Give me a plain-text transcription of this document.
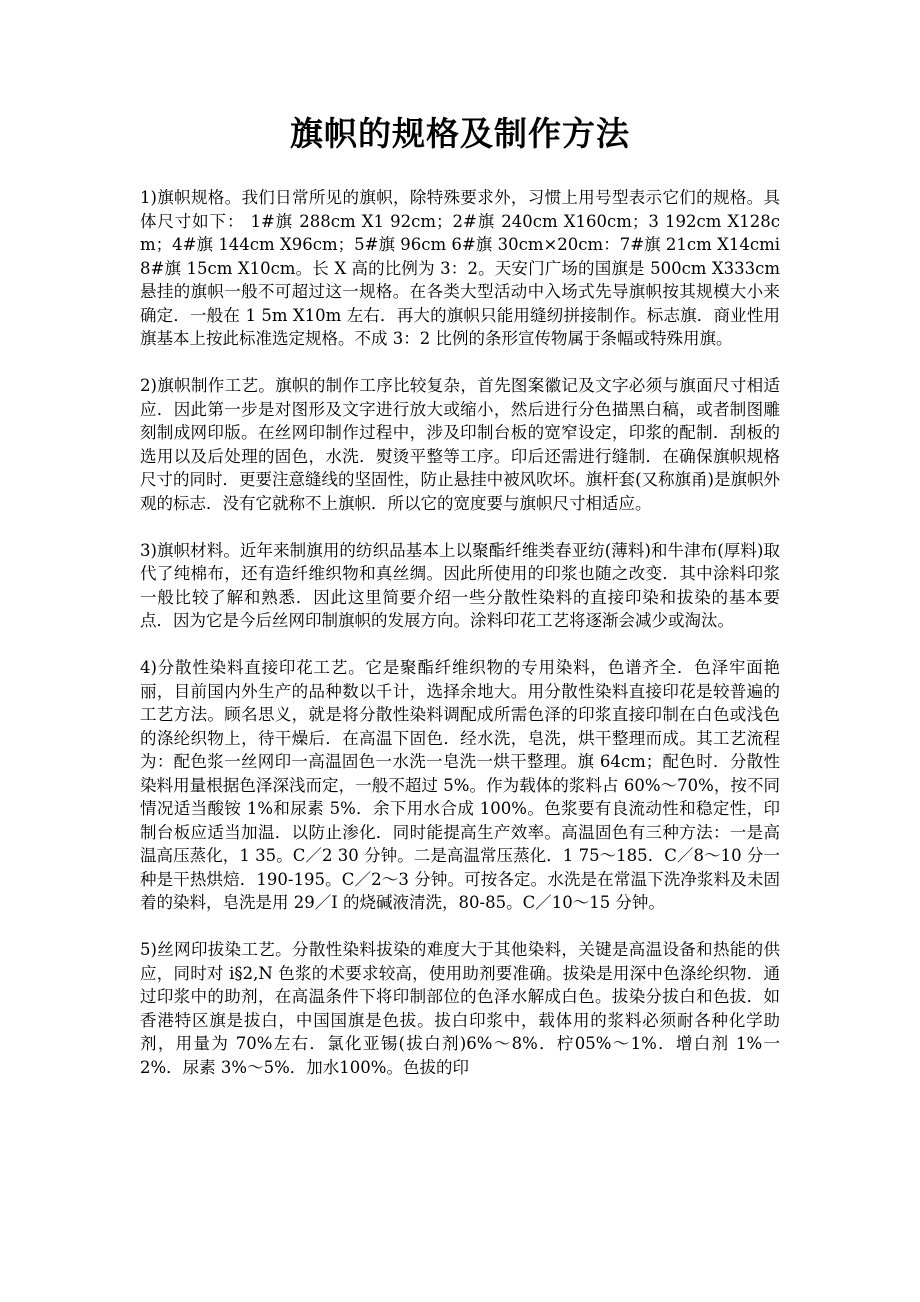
旗帜的规格及制作方法

1)旗帜规格。我们日常所见的旗帜，除特殊要求外，习惯上用号型表示它们的规格。具体尺寸如下： 1#旗 288cm X1 92cm；2#旗 240cm X160cm；3 192cm X128cm；4#旗 144cm X96cm；5#旗 96cm 6#旗 30cm×20cm：7#旗 21cm X14cmi 8#旗 15cm X10cm。长 X 高的比例为 3：2。天安门广场的国旗是 500cm X333cm 悬挂的旗帜一般不可超过这一规格。在各类大型活动中入场式先导旗帜按其规模大小来确定．一般在 1 5m X10m 左右．再大的旗帜只能用缝纫拼接制作。标志旗．商业性用旗基本上按此标准选定规格。不成 3：2 比例的条形宣传物属于条幅或特殊用旗。

2)旗帜制作工艺。旗帜的制作工序比较复杂，首先图案徽记及文字必须与旗面尺寸相适应．因此第一步是对图形及文字进行放大或缩小，然后进行分色描黑白稿，或者制图雕刻制成网印版。在丝网印制作过程中，涉及印制台板的宽窄设定，印浆的配制．刮板的选用以及后处理的固色，水洗．熨烫平整等工序。印后还需进行缝制．在确保旗帜规格尺寸的同时．更要注意缝线的坚固性，防止悬挂中被风吹坏。旗杆套(又称旗甬)是旗帜外观的标志．没有它就称不上旗帜．所以它的宽度要与旗帜尺寸相适应。

3)旗帜材料。近年来制旗用的纺织品基本上以聚酯纤维类春亚纺(薄料)和牛津布(厚料)取代了纯棉布，还有造纤维织物和真丝绸。因此所使用的印浆也随之改变．其中涂料印浆一般比较了解和熟悉．因此这里简要介绍一些分散性染料的直接印染和拔染的基本要点．因为它是今后丝网印制旗帜的发展方向。涂料印花工艺将逐渐会减少或淘汰。

4)分散性染料直接印花工艺。它是聚酯纤维织物的专用染料，色谱齐全．色泽牢面艳丽，目前国内外生产的品种数以千计，选择余地大。用分散性染料直接印花是较普遍的工艺方法。顾名思义，就是将分散性染料调配成所需色泽的印浆直接印制在白色或浅色的涤纶织物上，待干燥后．在高温下固色．经水洗，皂洗，烘干整理而成。其工艺流程为：配色浆一丝网印一高温固色一水洗一皂洗一烘干整理。旗 64cm；配色时．分散性染料用量根据色泽深浅而定，一般不超过 5%。作为载体的浆料占 60%～70%，按不同情况适当酸铵 1%和尿素 5%．余下用水合成 100%。色浆要有良流动性和稳定性，印制台板应适当加温．以防止渗化．同时能提高生产效率。高温固色有三种方法：一是高温高压蒸化，1 35。C／2 30 分钟。二是高温常压蒸化．1 75～185．C／8～10 分一种是干热烘焙．190-195。C／2～3 分钟。可按各定。水洗是在常温下洗净浆料及未固着的染料，皂洗是用 29／I 的烧碱液清洗，80-85。C／10～15 分钟。

5)丝网印拔染工艺。分散性染料拔染的难度大于其他染料，关键是高温设备和热能的供应，同时对 i§2,N 色浆的术要求较高，使用助剂要准确。拔染是用深中色涤纶织物．通过印浆中的助剂，在高温条件下将印制部位的色泽水解成白色。拔染分拔白和色拔．如香港特区旗是拔白，中国国旗是色拔。拔白印浆中，载体用的浆料必须耐各种化学助剂，用量为 70%左右．氯化亚锡(拔白剂)6%～8%．柠05%～1%．增白剂 1%一 2%．尿素 3%～5%．加水100%。色拔的印
